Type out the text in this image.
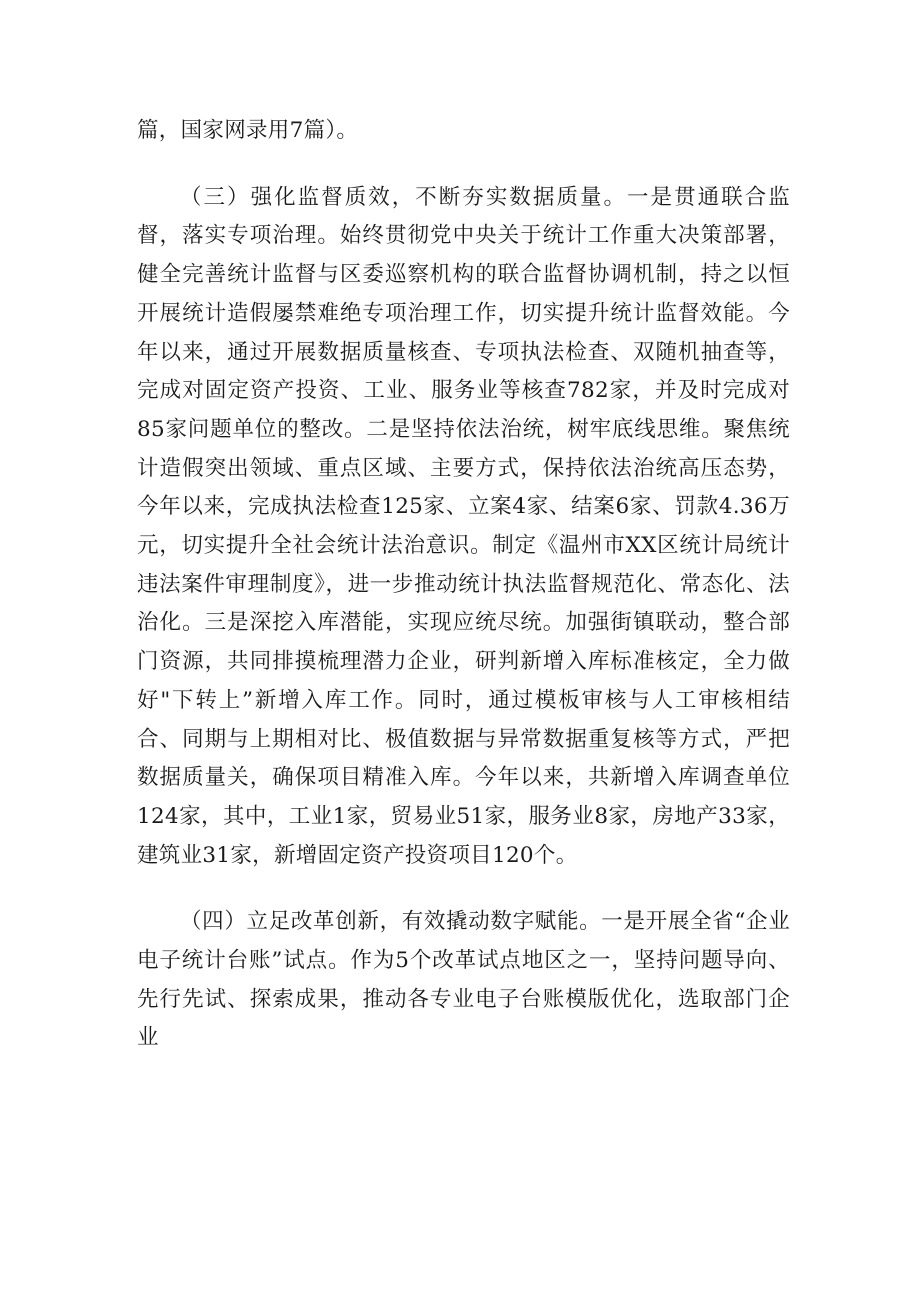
篇，国家网录用7篇）。

（三）强化监督质效，不断夯实数据质量。一是贯通联合监督，落实专项治理。始终贯彻党中央关于统计工作重大决策部署，健全完善统计监督与区委巡察机构的联合监督协调机制，持之以恒开展统计造假屡禁难绝专项治理工作，切实提升统计监督效能。今年以来，通过开展数据质量核查、专项执法检查、双随机抽查等，完成对固定资产投资、工业、服务业等核查782家，并及时完成对85家问题单位的整改。二是坚持依法治统，树牢底线思维。聚焦统计造假突出领域、重点区域、主要方式，保持依法治统高压态势，今年以来，完成执法检查125家、立案4家、结案6家、罚款4.36万元，切实提升全社会统计法治意识。制定《温州市XX区统计局统计违法案件审理制度》，进一步推动统计执法监督规范化、常态化、法治化。三是深挖入库潜能，实现应统尽统。加强街镇联动，整合部门资源，共同排摸梳理潜力企业，研判新增入库标准核定，全力做好"下转上”新增入库工作。同时，通过模板审核与人工审核相结合、同期与上期相对比、极值数据与异常数据重复核等方式，严把数据质量关，确保项目精准入库。今年以来，共新增入库调查单位124家，其中，工业1家，贸易业51家，服务业8家，房地产33家，建筑业31家，新增固定资产投资项目120个。

（四）立足改革创新，有效撬动数字赋能。一是开展全省“企业电子统计台账”试点。作为5个改革试点地区之一，坚持问题导向、先行先试、探索成果，推动各专业电子台账模版优化，选取部门企业
